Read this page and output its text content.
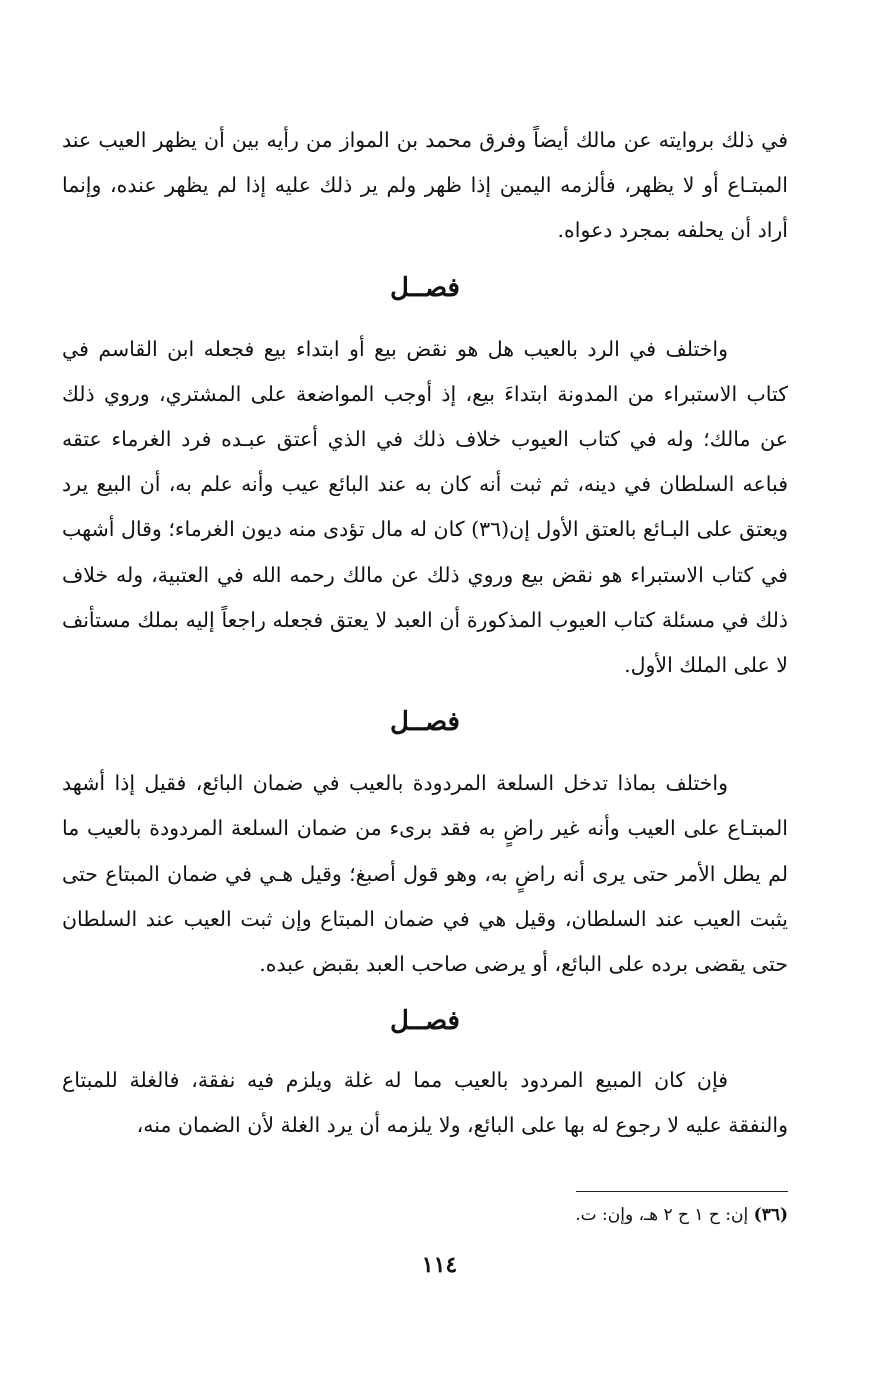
في ذلك بروايته عن مالك أيضاً وفرق محمد بن المواز من رأيه بين أن يظهر العيب عند المبتـاع أو لا يظهر، فألزمه اليمين إذا ظهر ولم ير ذلك عليه إذا لم يظهر عنده، وإنما أراد أن يحلفه بمجرد دعواه.

فصــل

واختلف في الرد بالعيب هل هو نقض بيع أو ابتداء بيع فجعله ابن القاسم في كتاب الاستبراء من المدونة ابتداءَ بيع، إذ أوجب المواضعة على المشتري، وروي ذلك عن مالك؛ وله في كتاب العيوب خلاف ذلك في الذي أعتق عبـده فرد الغرماء عتقه فباعه السلطان في دينه، ثم ثبت أنه كان به عند البائع عيب وأنه علم به، أن البيع يرد ويعتق على البـائع بالعتق الأول إن(٣٦) كان له مال تؤدى منه ديون الغرماء؛ وقال أشهب في كتاب الاستبراء هو نقض بيع وروي ذلك عن مالك رحمه الله في العتبية، وله خلاف ذلك في مسئلة كتاب العيوب المذكورة أن العبد لا يعتق فجعله راجعاً إليه بملك مستأنف لا على الملك الأول.

فصــل

واختلف بماذا تدخل السلعة المردودة بالعيب في ضمان البائع، فقيل إذا أشهد المبتـاع على العيب وأنه غير راضٍ به فقد برىء من ضمان السلعة المردودة بالعيب ما لم يطل الأمر حتى يرى أنه راضٍ به، وهو قول أصبغ؛ وقيل هـي في ضمان المبتاع حتى يثبت العيب عند السلطان، وقيل هي في ضمان المبتاع وإن ثبت العيب عند السلطان حتى يقضى برده على البائع، أو يرضى صاحب العبد بقبض عبده.

فصــل

فإن كان المبيع المردود بالعيب مما له غلة ويلزم فيه نفقة، فالغلة للمبتاع والنفقة عليه لا رجوع له بها على البائع، ولا يلزمه أن يرد الغلة لأن الضمان منه،

(٣٦) إن: ح ١ ح ٢ هـ، وإن: ت.
١١٤
